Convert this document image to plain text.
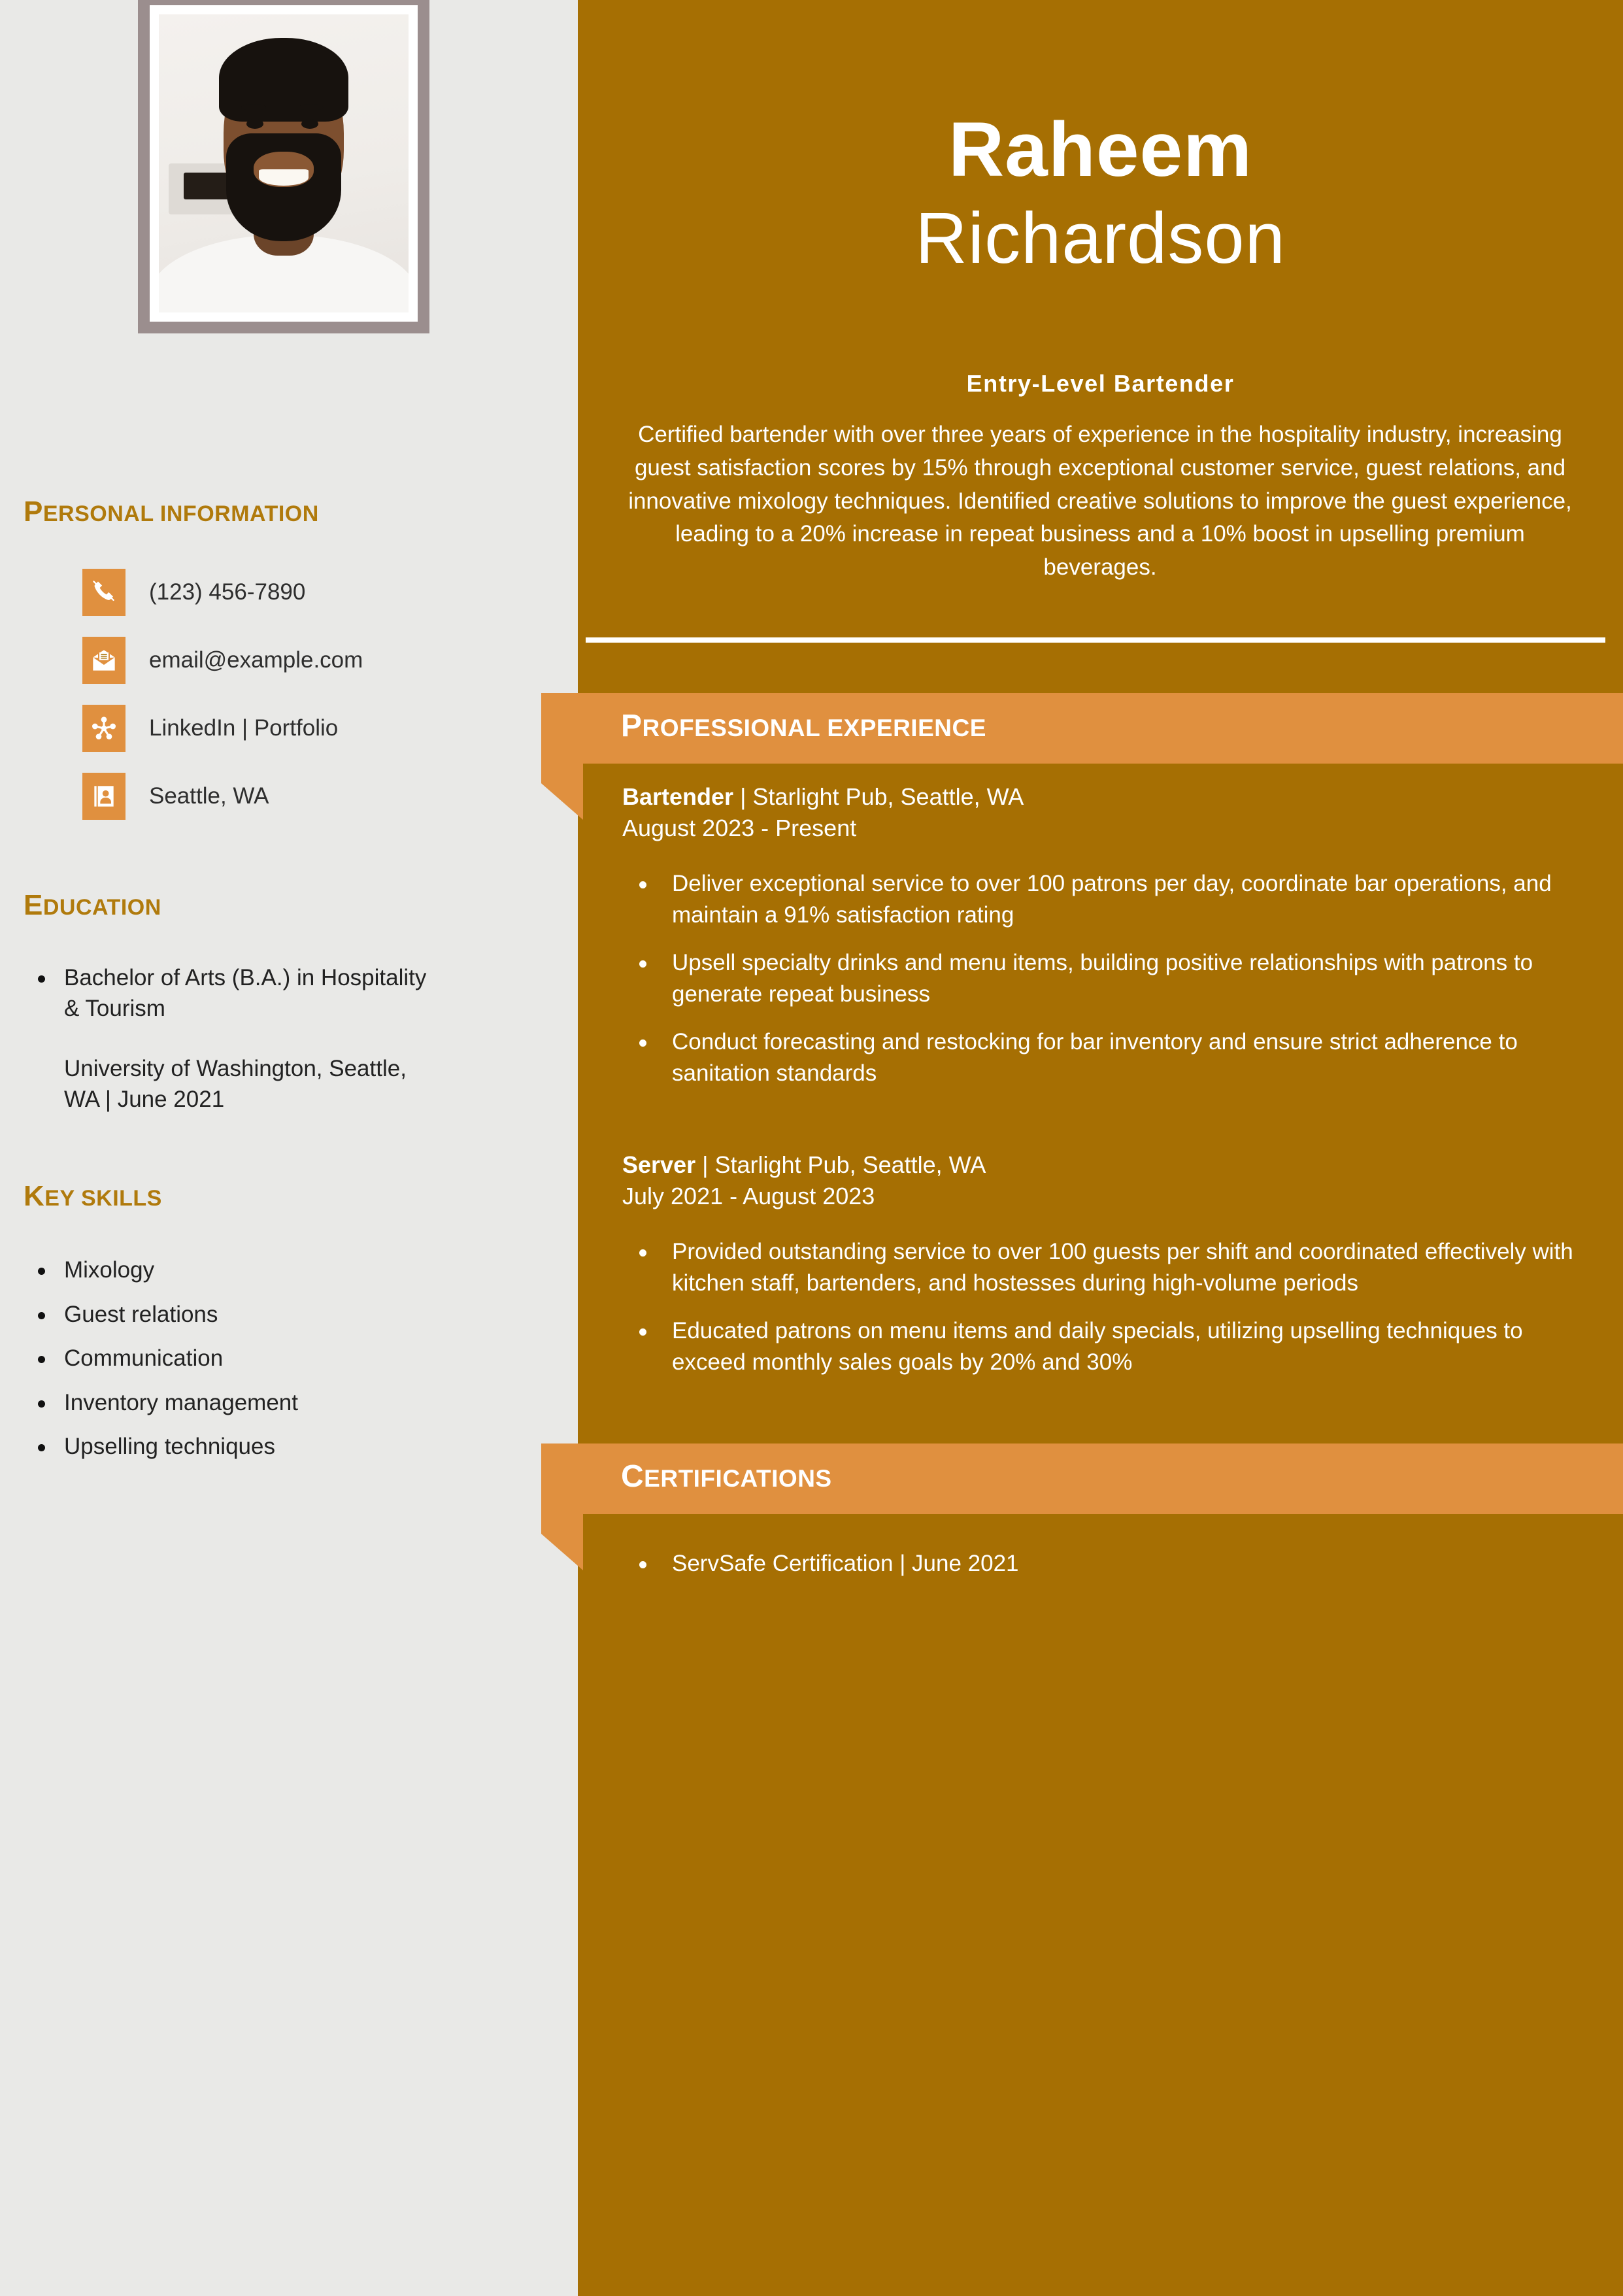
PERSONAL INFORMATION
(123) 456-7890
email@example.com
LinkedIn | Portfolio
Seattle, WA
EDUCATION
Bachelor of Arts (B.A.) in Hospitality & Tourism
University of Washington, Seattle, WA | June 2021
KEY SKILLS
Mixology
Guest relations
Communication
Inventory management
Upselling techniques
Raheem
Richardson
Entry-Level Bartender
Certified bartender with over three years of experience in the hospitality industry, increasing guest satisfaction scores by 15% through exceptional customer service, guest relations, and innovative mixology techniques. Identified creative solutions to improve the guest experience, leading to a 20% increase in repeat business and a 10% boost in upselling premium beverages.
PROFESSIONAL EXPERIENCE
Bartender | Starlight Pub, Seattle, WA
August 2023 - Present
Deliver exceptional service to over 100 patrons per day, coordinate bar operations, and maintain a 91% satisfaction rating
Upsell specialty drinks and menu items, building positive relationships with patrons to generate repeat business
Conduct forecasting and restocking for bar inventory and ensure strict adherence to sanitation standards
Server | Starlight Pub, Seattle, WA
July 2021 - August 2023
Provided outstanding service to over 100 guests per shift and coordinated effectively with kitchen staff, bartenders, and hostesses during high-volume periods
Educated patrons on menu items and daily specials, utilizing upselling techniques to exceed monthly sales goals by 20% and 30%
CERTIFICATIONS
ServSafe Certification | June 2021
